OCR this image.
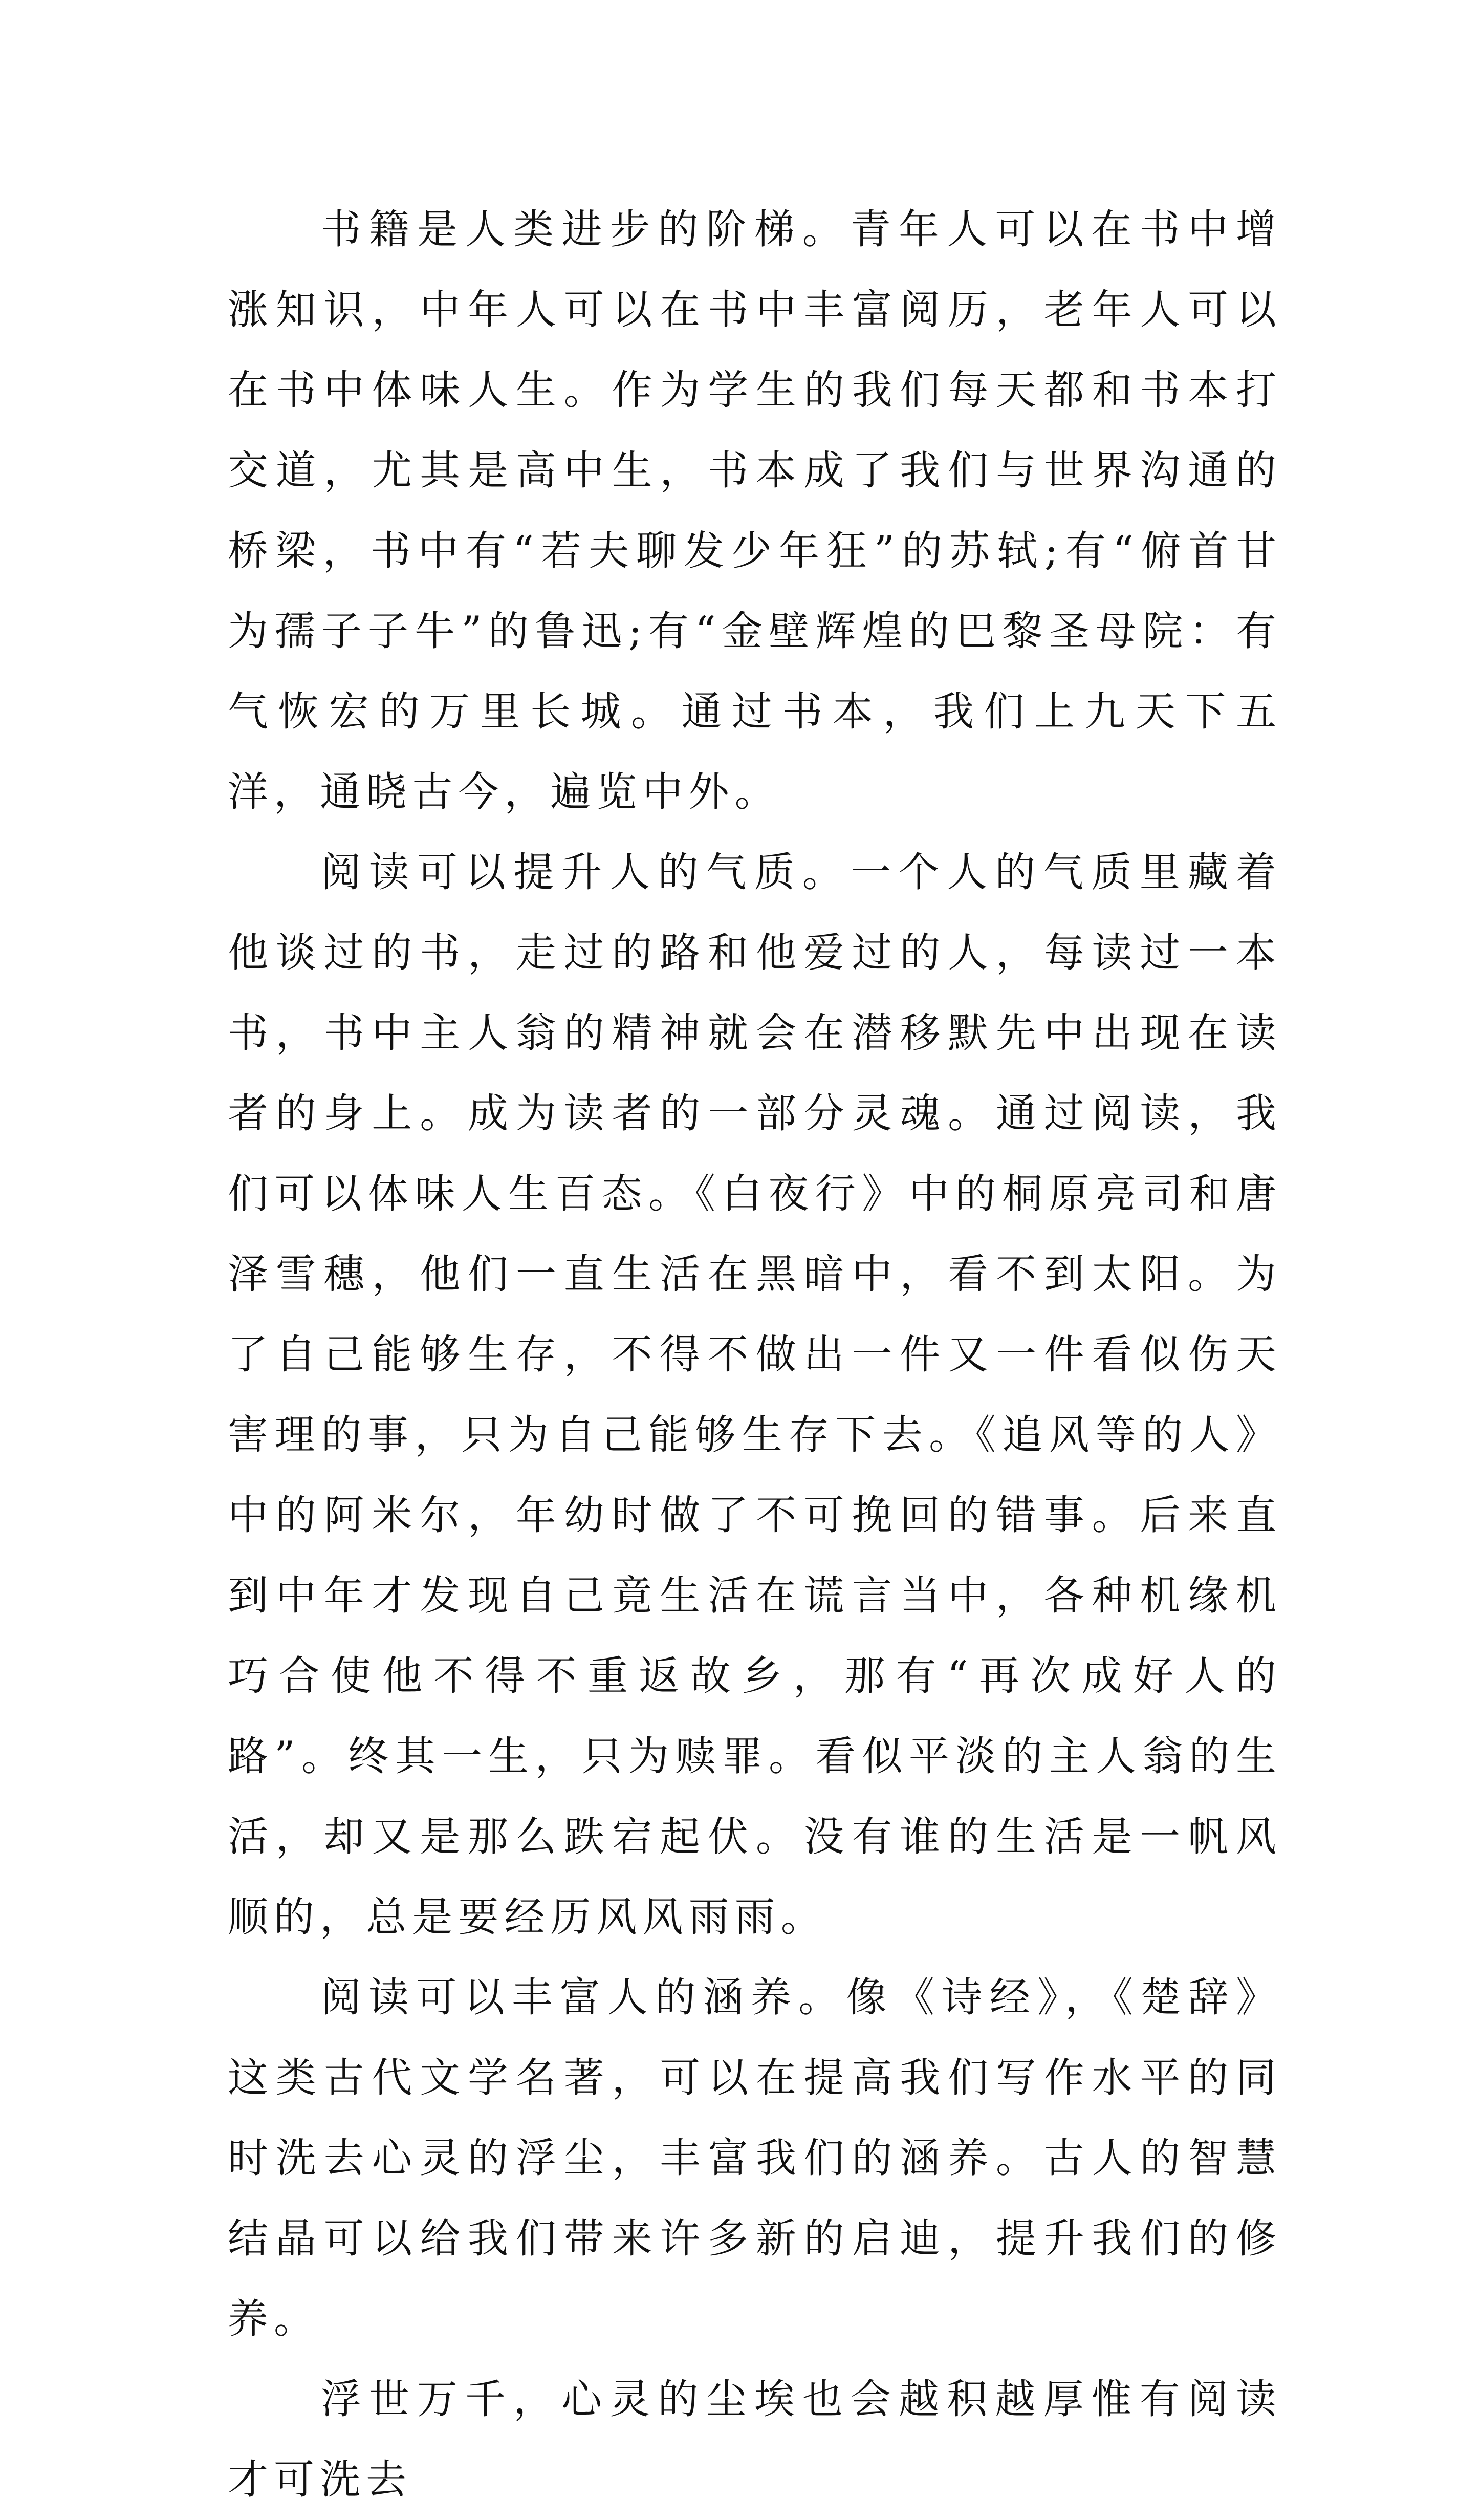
书籍是人类进步的阶梯。青年人可以在书中增涨知识，中年人可以在书中丰富阅历，老年人可以在书中体味人生。作为学生的我们每天都和书本打交道，尤其是高中生，书本成了我们与世界沟通的桥梁，书中有“若夫聊发少年狂”的苏轼;有“俯首甘为孺子子牛”的鲁迅;有“金壁辉煌的巴黎圣母院：有气恢宏的万里长城。通过书本，我们上九天下五洋，通晓古今，遍览中外。

阅读可以提升人的气质。一个人的气质里藏着他谈过的书，走过的路和他爱过的人，每读过一本书，书中主人翁的精神就会在潜移默先中出现在读者的身上。成为读者的一部分灵魂。通过阅读，我们可以体味人生百态。《白夜行》中的桐原亮司和唐泽雪穗，他们一直生活在黑暗中，看不到太阳。为了自己能够生存，不得不做出一件又一件看似伤天害理的事，只为自己能够生存下去。《追风等的人》中的阿米尔，年幼时做了不可挽回的错事。后来直到中年才发现自己竟生活在谎言当中，各种机缘机巧合使他不得不重返故乡，那有“再次成好人的路”。终其一生，只为赎罪。看似平淡的主人翁的生活，却又是那么跌宕起伏。没有谁的生活是一帆风顺的，总是要经历风风雨雨。

阅读可以丰富人的涵养。像《诗经》，《楚辞》这类古代文学名著，可以在提高我们写作水平的同时洗去心灵的浮尘，丰富我们的涵养。古人的智慧结晶可以给我们带来许多新的启迪，提升我们的修养。

浮世万千，心灵的尘埃也会越积越厚惟有阅读才可洗去
